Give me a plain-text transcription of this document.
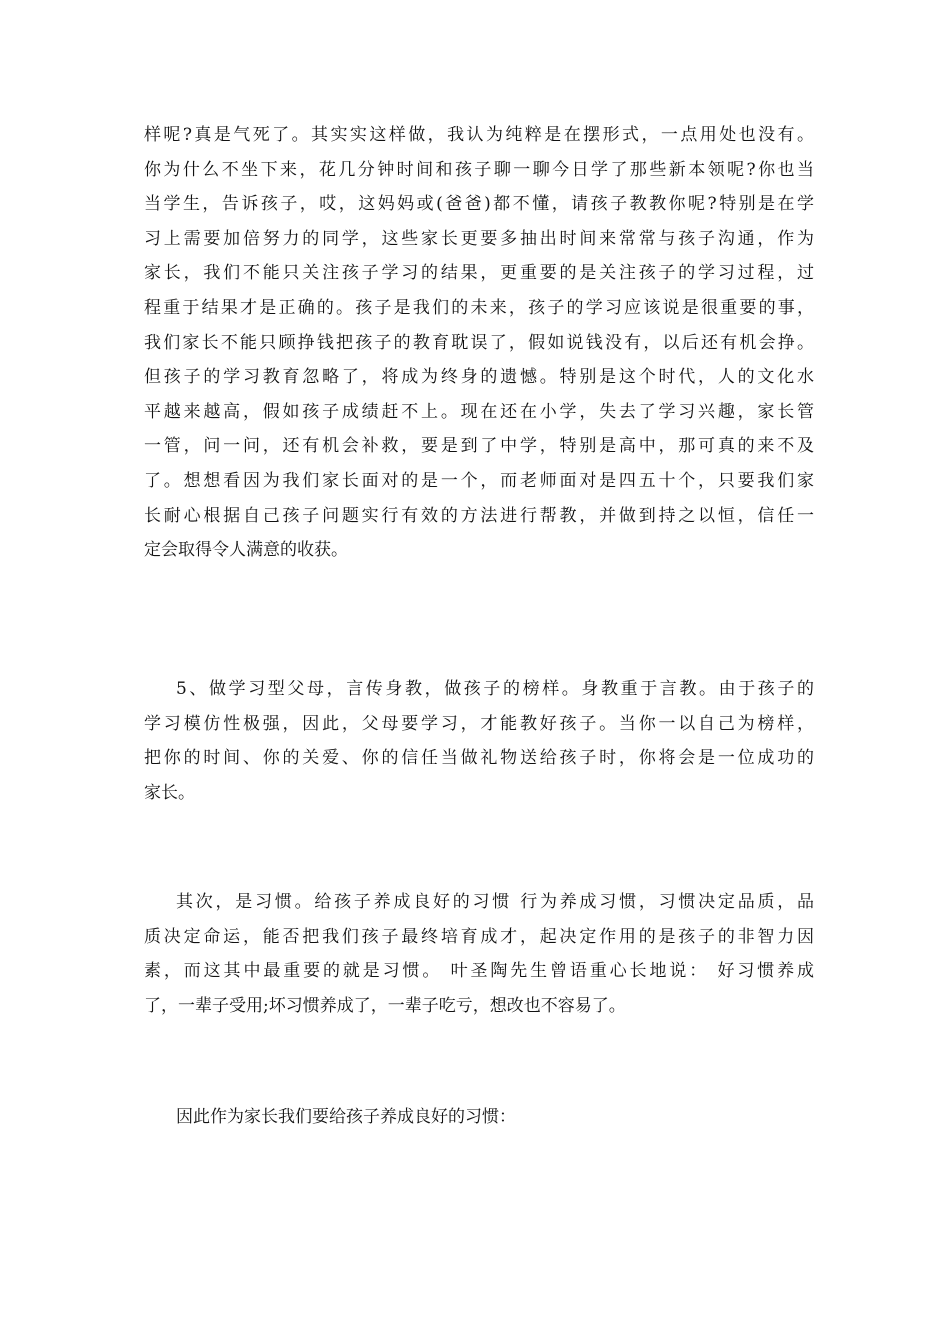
样呢?真是气死了。其实实这样做，我认为纯粹是在摆形式，一点用处也没有。
你为什么不坐下来，花几分钟时间和孩子聊一聊今日学了那些新本领呢?你也当
当学生，告诉孩子，哎，这妈妈或(爸爸)都不懂，请孩子教教你呢?特别是在学
习上需要加倍努力的同学，这些家长更要多抽出时间来常常与孩子沟通，作为
家长，我们不能只关注孩子学习的结果，更重要的是关注孩子的学习过程，过
程重于结果才是正确的。孩子是我们的未来，孩子的学习应该说是很重要的事，
我们家长不能只顾挣钱把孩子的教育耽误了，假如说钱没有，以后还有机会挣。
但孩子的学习教育忽略了，将成为终身的遗憾。特别是这个时代，人的文化水
平越来越高，假如孩子成绩赶不上。现在还在小学，失去了学习兴趣，家长管
一管，问一问，还有机会补救，要是到了中学，特别是高中，那可真的来不及
了。想想看因为我们家长面对的是一个，而老师面对是四五十个，只要我们家
长耐心根据自己孩子问题实行有效的方法进行帮教，并做到持之以恒，信任一
定会取得令人满意的收获。

5、做学习型父母，言传身教，做孩子的榜样。身教重于言教。由于孩子的
学习模仿性极强，因此，父母要学习，才能教好孩子。当你一以自己为榜样，
把你的时间、你的关爱、你的信任当做礼物送给孩子时，你将会是一位成功的
家长。

其次，是习惯。给孩子养成良好的习惯 行为养成习惯，习惯决定品质，品
质决定命运，能否把我们孩子最终培育成才，起决定作用的是孩子的非智力因
素，而这其中最重要的就是习惯。 叶圣陶先生曾语重心长地说： 好习惯养成
了，一辈子受用;坏习惯养成了，一辈子吃亏，想改也不容易了。

因此作为家长我们要给孩子养成良好的习惯：
